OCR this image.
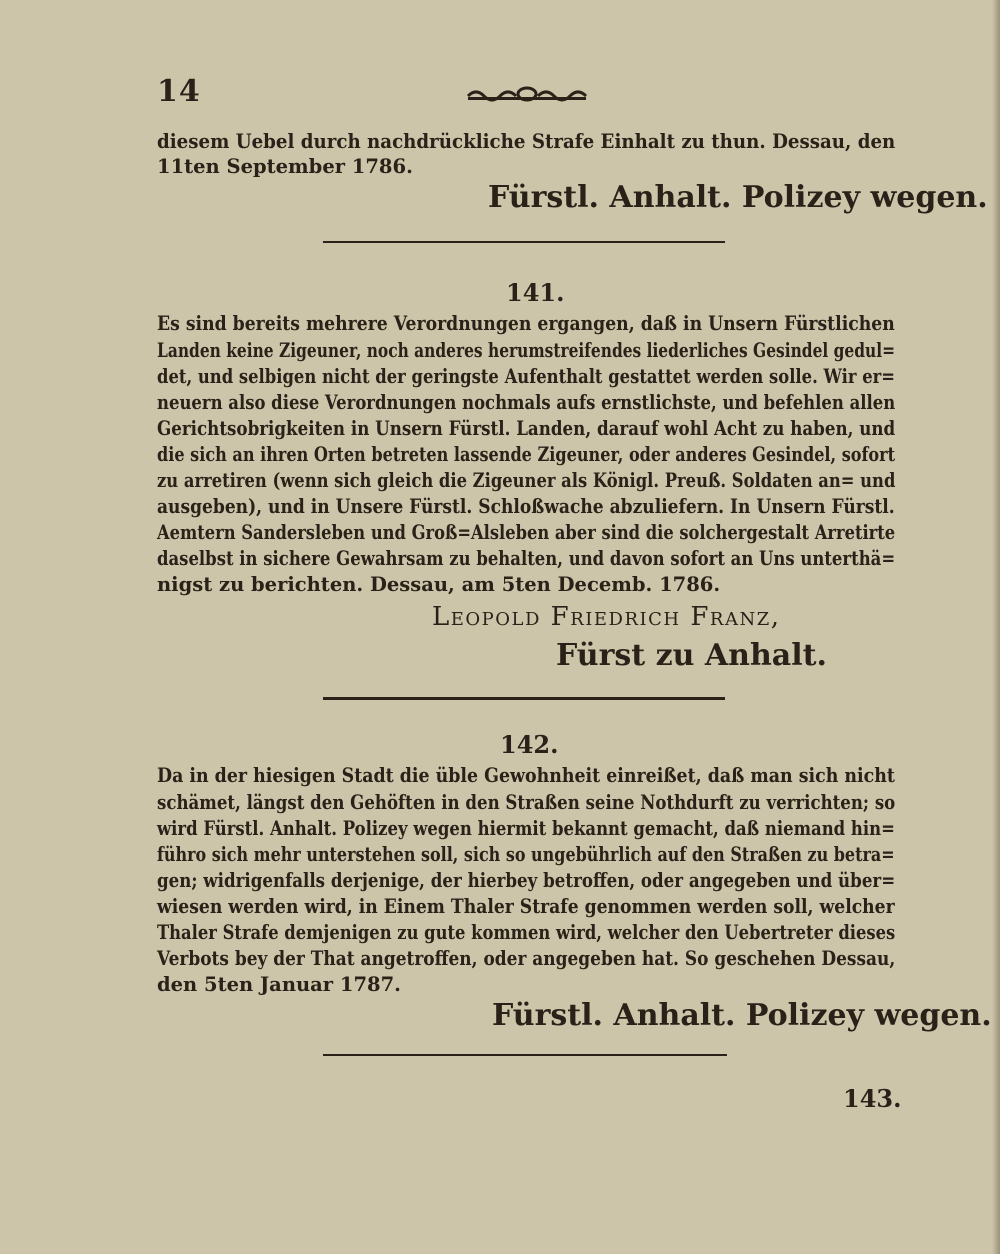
14
diesem Uebel durch nachdrückliche Strafe Einhalt zu thun. Dessau, den
11ten September 1786.
Fürstl. Anhalt. Polizey wegen.
141.
Es sind bereits mehrere Verordnungen ergangen, daß in Unsern Fürstlichen
Landen keine Zigeuner, noch anderes herumstreifendes liederliches Gesindel gedul=
det, und selbigen nicht der geringste Aufenthalt gestattet werden solle. Wir er=
neuern also diese Verordnungen nochmals aufs ernstlichste, und befehlen allen
Gerichtsobrigkeiten in Unsern Fürstl. Landen, darauf wohl Acht zu haben, und
die sich an ihren Orten betreten lassende Zigeuner, oder anderes Gesindel, sofort
zu arretiren (wenn sich gleich die Zigeuner als Königl. Preuß. Soldaten an= und
ausgeben), und in Unsere Fürstl. Schloßwache abzuliefern. In Unsern Fürstl.
Aemtern Sandersleben und Groß=Alsleben aber sind die solchergestalt Arretirte
daselbst in sichere Gewahrsam zu behalten, und davon sofort an Uns unterthä=
nigst zu berichten. Dessau, am 5ten Decemb. 1786.
Leopold Friedrich Franz,
Fürst zu Anhalt.
142.
Da in der hiesigen Stadt die üble Gewohnheit einreißet, daß man sich nicht
schämet, längst den Gehöften in den Straßen seine Nothdurft zu verrichten; so
wird Fürstl. Anhalt. Polizey wegen hiermit bekannt gemacht, daß niemand hin=
führo sich mehr unterstehen soll, sich so ungebührlich auf den Straßen zu betra=
gen; widrigenfalls derjenige, der hierbey betroffen, oder angegeben und über=
wiesen werden wird, in Einem Thaler Strafe genommen werden soll, welcher
Thaler Strafe demjenigen zu gute kommen wird, welcher den Uebertreter dieses
Verbots bey der That angetroffen, oder angegeben hat. So geschehen Dessau,
den 5ten Januar 1787.
Fürstl. Anhalt. Polizey wegen.
143.
